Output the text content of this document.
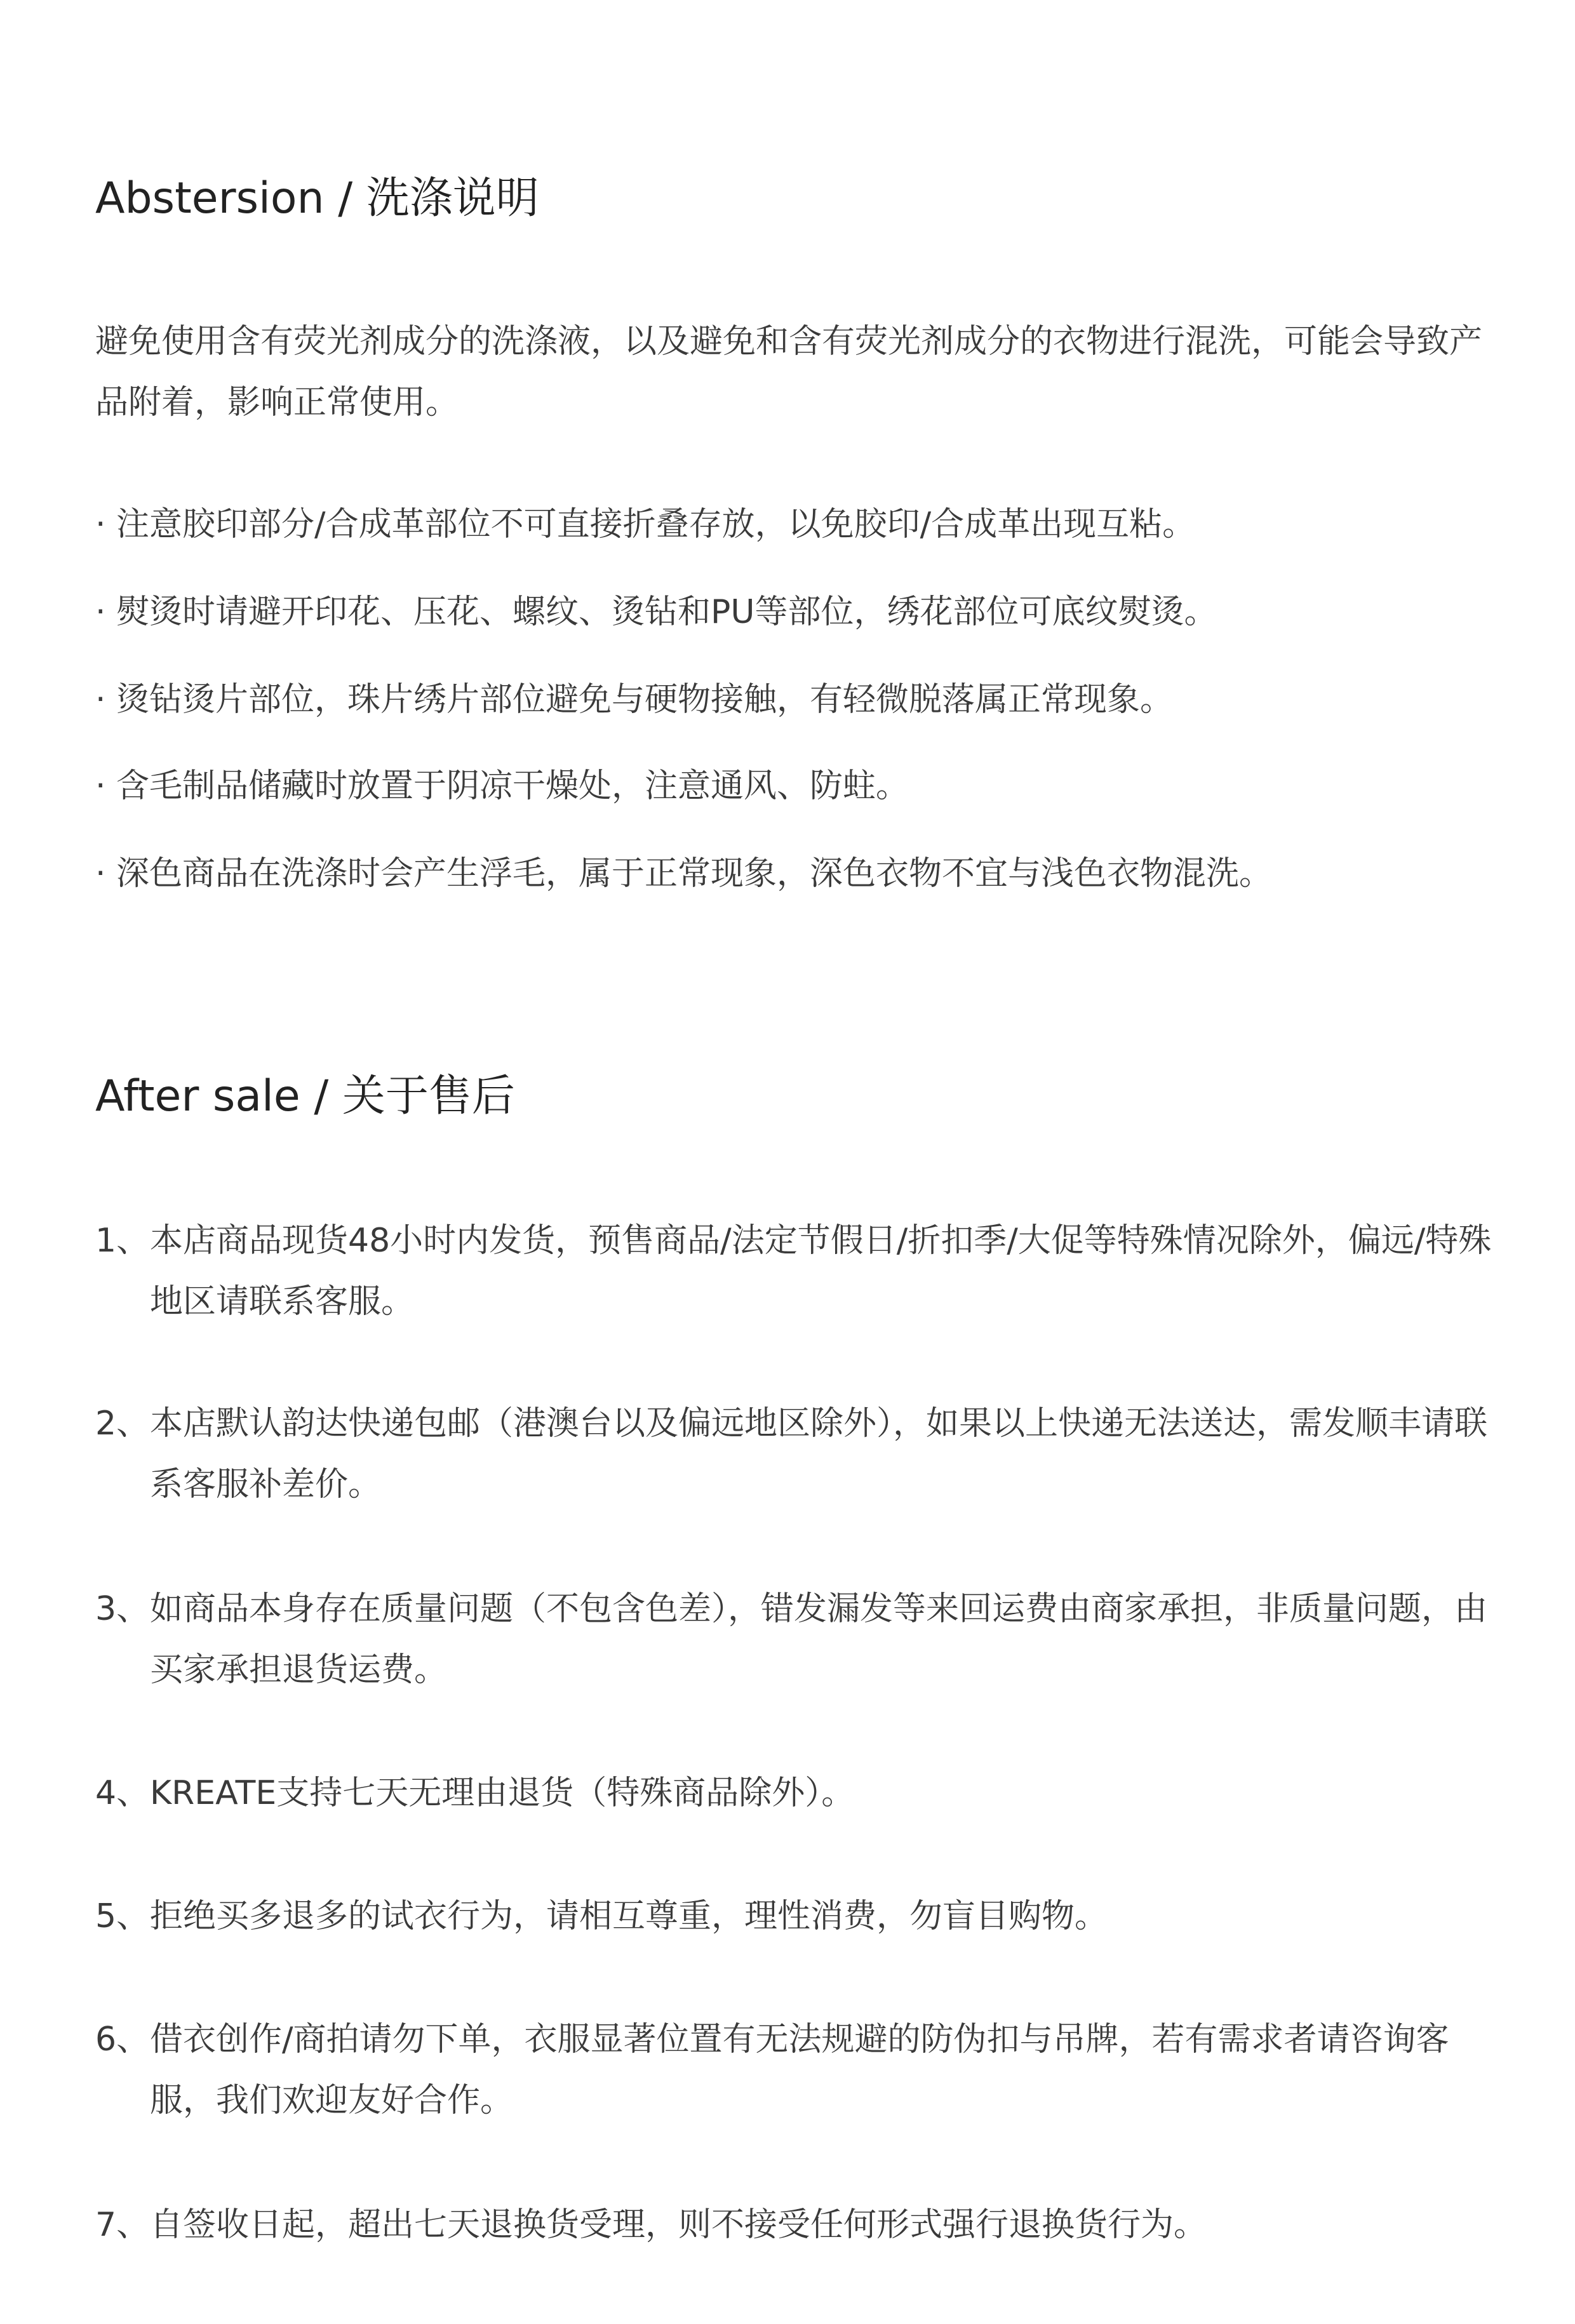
Abstersion / 洗涤说明
避免使用含有荧光剂成分的洗涤液，以及避免和含有荧光剂成分的衣物进行混洗，可能会导致产品附着，影响正常使用。
· 注意胶印部分/合成革部位不可直接折叠存放，以免胶印/合成革出现互粘。
· 熨烫时请避开印花、压花、螺纹、烫钻和PU等部位，绣花部位可底纹熨烫。
· 烫钻烫片部位，珠片绣片部位避免与硬物接触，有轻微脱落属正常现象。
· 含毛制品储藏时放置于阴凉干燥处，注意通风、防蛀。
· 深色商品在洗涤时会产生浮毛，属于正常现象，深色衣物不宜与浅色衣物混洗。
After sale / 关于售后
1、 本店商品现货48小时内发货，预售商品/法定节假日/折扣季/大促等特殊情况除外，偏远/特殊地区请联系客服。
2、 本店默认韵达快递包邮（港澳台以及偏远地区除外），如果以上快递无法送达，需发顺丰请联系客服补差价。
3、 如商品本身存在质量问题（不包含色差），错发漏发等来回运费由商家承担，非质量问题，由买家承担退货运费。
4、 KREATE支持七天无理由退货（特殊商品除外）。
5、 拒绝买多退多的试衣行为，请相互尊重，理性消费，勿盲目购物。
6、 借衣创作/商拍请勿下单，衣服显著位置有无法规避的防伪扣与吊牌，若有需求者请咨询客服，我们欢迎友好合作。
7、 自签收日起，超出七天退换货受理，则不接受任何形式强行退换货行为。
